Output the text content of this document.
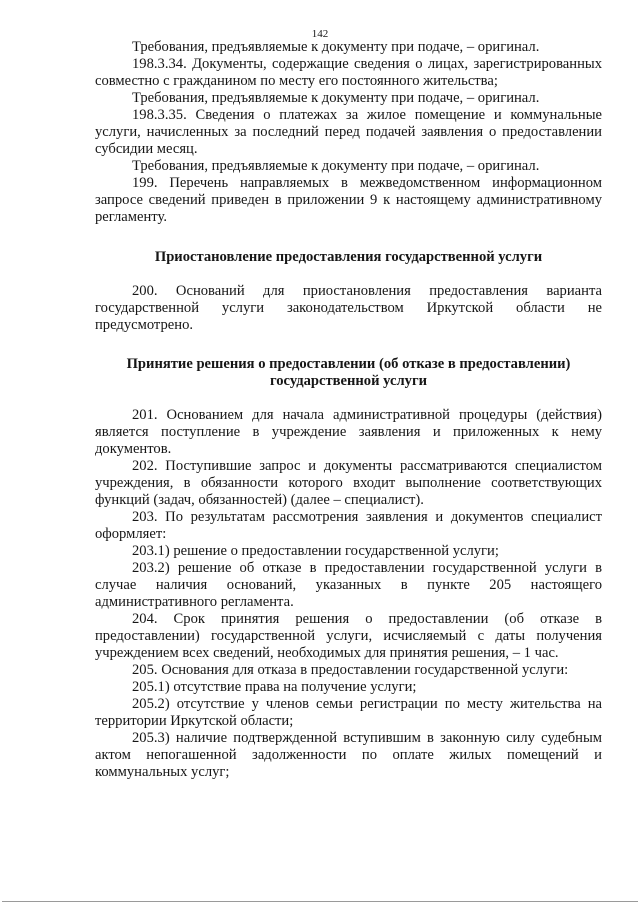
142

Требования, предъявляемые к документу при подаче, – оригинал.

198.3.34. Документы, содержащие сведения о лицах, зарегистрированных совместно с гражданином по месту его постоянного жительства;

Требования, предъявляемые к документу при подаче, – оригинал.

198.3.35. Сведения о платежах за жилое помещение и коммунальные услуги, начисленных за последний перед подачей заявления о предоставлении субсидии месяц.

Требования, предъявляемые к документу при подаче, – оригинал.

199. Перечень направляемых в межведомственном информационном запросе сведений приведен в приложении 9 к настоящему административному регламенту.

Приостановление предоставления государственной услуги

200. Оснований для приостановления предоставления варианта государственной услуги законодательством Иркутской области не предусмотрено.

Принятие решения о предоставлении (об отказе в предоставлении) государственной услуги

201. Основанием для начала административной процедуры (действия) является поступление в учреждение заявления и приложенных к нему документов.

202. Поступившие запрос и документы рассматриваются специалистом учреждения, в обязанности которого входит выполнение соответствующих функций (задач, обязанностей) (далее – специалист).

203. По результатам рассмотрения заявления и документов специалист оформляет:

203.1) решение о предоставлении государственной услуги;

203.2) решение об отказе в предоставлении государственной услуги в случае наличия оснований, указанных в пункте 205 настоящего административного регламента.

204. Срок принятия решения о предоставлении (об отказе в предоставлении) государственной услуги, исчисляемый с даты получения учреждением всех сведений, необходимых для принятия решения, – 1 час.

205. Основания для отказа в предоставлении государственной услуги:

205.1) отсутствие права на получение услуги;

205.2) отсутствие у членов семьи регистрации по месту жительства на территории Иркутской области;

205.3) наличие подтвержденной вступившим в законную силу судебным актом непогашенной задолженности по оплате жилых помещений и коммунальных услуг;
